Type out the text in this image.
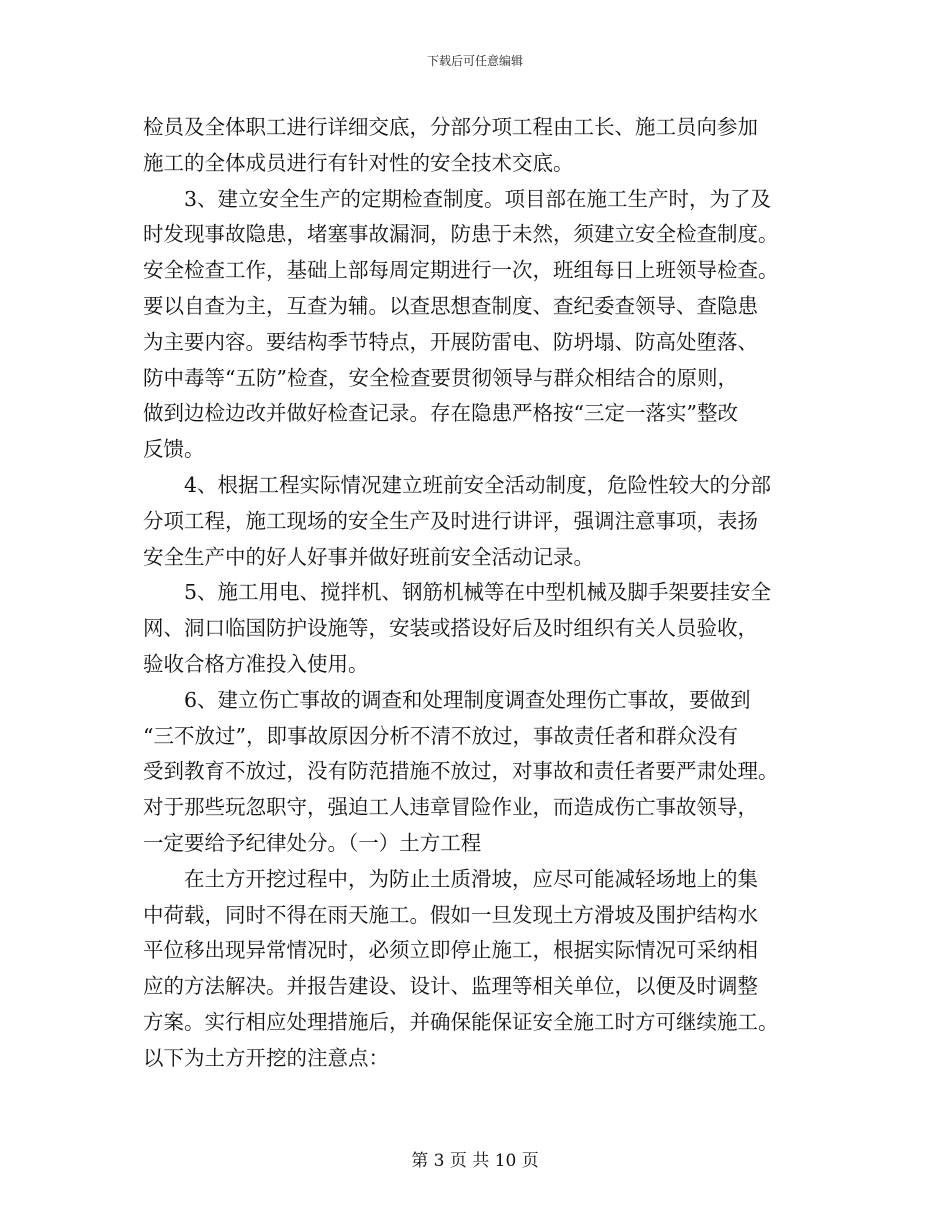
下载后可任意编辑
检员及全体职工进行详细交底，分部分项工程由工长、施工员向参加
施工的全体成员进行有针对性的安全技术交底。
3、建立安全生产的定期检查制度。项目部在施工生产时，为了及
时发现事故隐患，堵塞事故漏洞，防患于未然，须建立安全检查制度。
安全检查工作，基础上部每周定期进行一次，班组每日上班领导检查。
要以自查为主，互查为辅。以查思想查制度、查纪委查领导、查隐患
为主要内容。要结构季节特点，开展防雷电、防坍塌、防高处堕落、
防中毒等“五防”检查，安全检查要贯彻领导与群众相结合的原则，
做到边检边改并做好检查记录。存在隐患严格按“三定一落实”整改
反馈。
4、根据工程实际情况建立班前安全活动制度，危险性较大的分部
分项工程，施工现场的安全生产及时进行讲评，强调注意事项，表扬
安全生产中的好人好事并做好班前安全活动记录。
5、施工用电、搅拌机、钢筋机械等在中型机械及脚手架要挂安全
网、洞口临国防护设施等，安装或搭设好后及时组织有关人员验收，
验收合格方准投入使用。
6、建立伤亡事故的调查和处理制度调查处理伤亡事故，要做到
“三不放过”，即事故原因分析不清不放过，事故责任者和群众没有
受到教育不放过，没有防范措施不放过，对事故和责任者要严肃处理。
对于那些玩忽职守，强迫工人违章冒险作业，而造成伤亡事故领导，
一定要给予纪律处分。（一）土方工程
在土方开挖过程中，为防止土质滑坡，应尽可能减轻场地上的集
中荷载，同时不得在雨天施工。假如一旦发现土方滑坡及围护结构水
平位移出现异常情况时，必须立即停止施工，根据实际情况可采纳相
应的方法解决。并报告建设、设计、监理等相关单位，以便及时调整
方案。实行相应处理措施后，并确保能保证安全施工时方可继续施工。
以下为土方开挖的注意点：
第 3 页 共 10 页
